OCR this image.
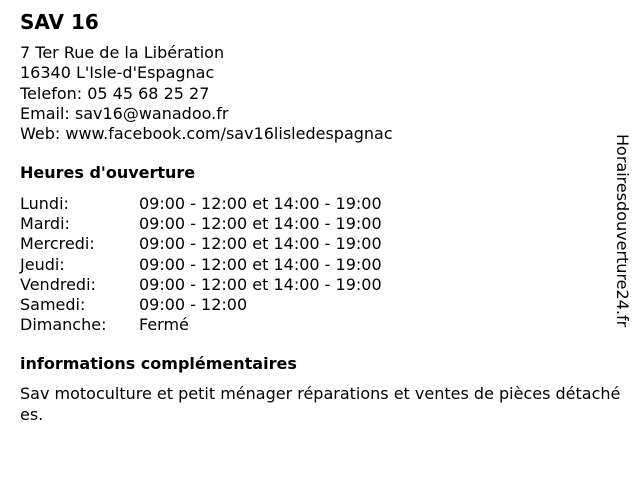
SAV 16
7 Ter Rue de la Libération
16340 L'Isle-d'Espagnac
Telefon: 05 45 68 25 27
Email: sav16@wanadoo.fr
Web: www.facebook.com/sav16lisledespagnac
Heures d'ouverture
Lundi:	09:00 - 12:00 et 14:00 - 19:00
Mardi:	09:00 - 12:00 et 14:00 - 19:00
Mercredi:	09:00 - 12:00 et 14:00 - 19:00
Jeudi:	09:00 - 12:00 et 14:00 - 19:00
Vendredi:	09:00 - 12:00 et 14:00 - 19:00
Samedi:	09:00 - 12:00
Dimanche: Fermé
informations complémentaires
Sav motoculture et petit ménager réparations et ventes de pièces détachées.
Horairesdouverture24.fr
